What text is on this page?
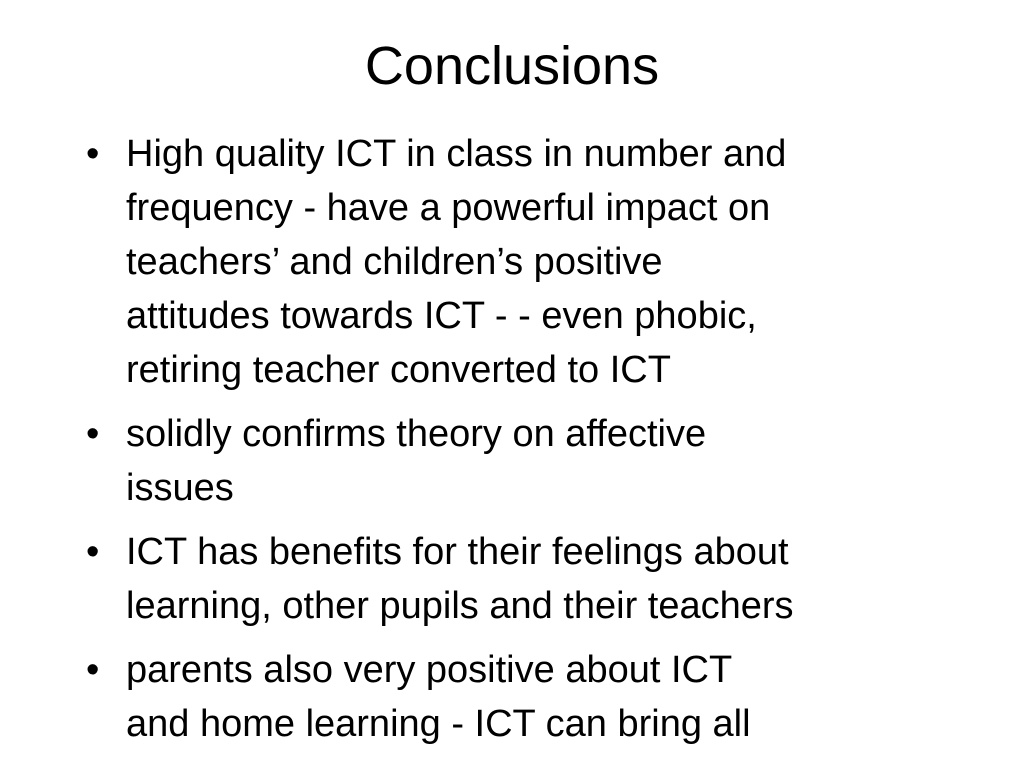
Conclusions
• High quality ICT in class in number and
frequency - have a powerful impact on
teachers’ and children’s positive
attitudes towards ICT - - even phobic,
retiring teacher converted to ICT
• solidly confirms theory on affective
issues
• ICT has benefits for their feelings about
learning, other pupils and their teachers
• parents also very positive about ICT
and home learning - ICT can bring all
